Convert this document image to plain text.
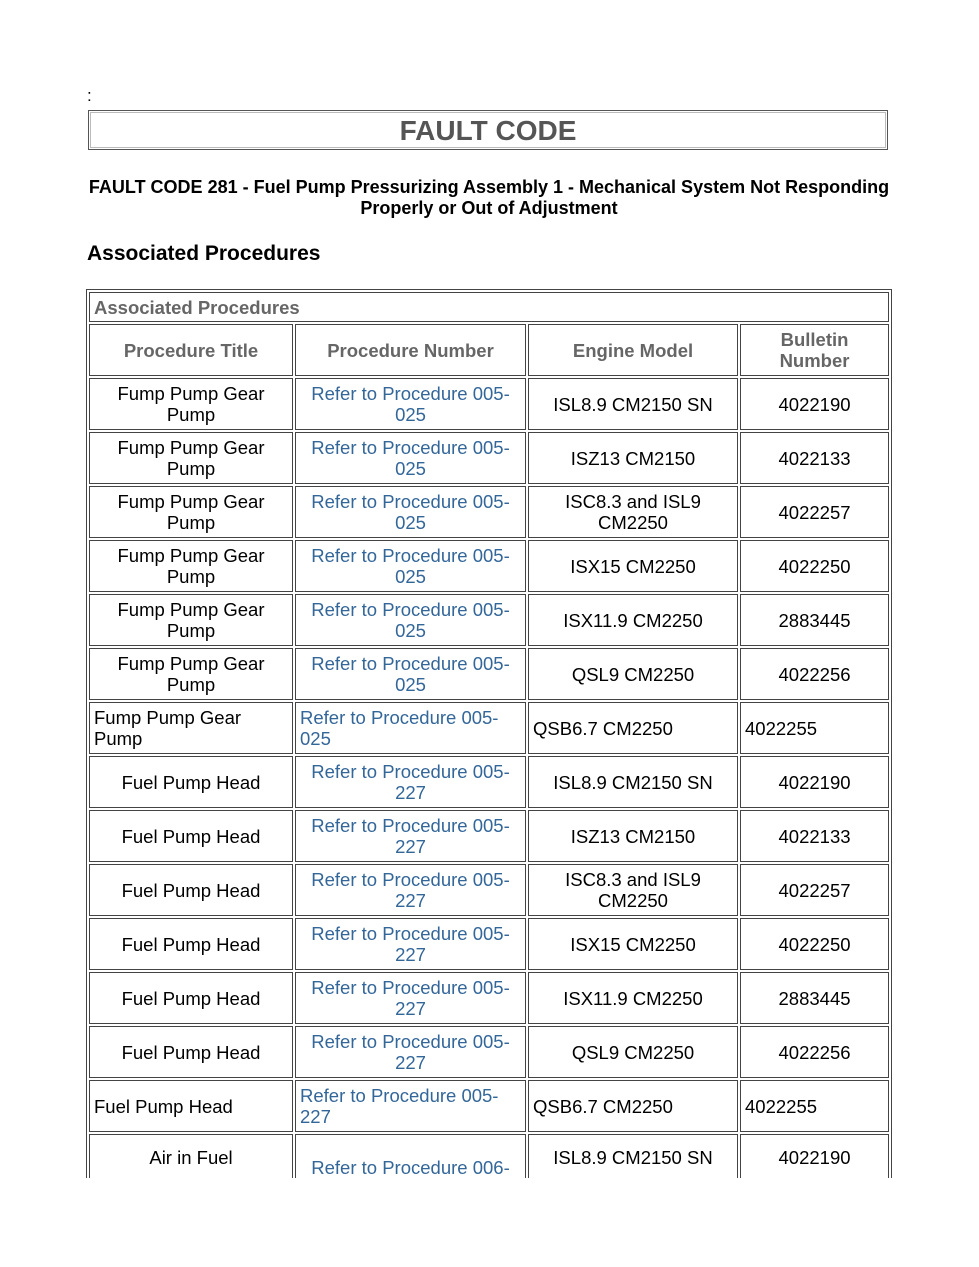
:
FAULT CODE
FAULT CODE 281 - Fuel Pump Pressurizing Assembly 1 - Mechanical System Not Responding Properly or Out of Adjustment
Associated Procedures
Associated Procedures			
Procedure Title	Procedure Number	Engine Model	Bulletin Number
Fump Pump Gear Pump	Refer to Procedure 005-025	ISL8.9 CM2150 SN	4022190
Fump Pump Gear Pump	Refer to Procedure 005-025	ISZ13 CM2150	4022133
Fump Pump Gear Pump	Refer to Procedure 005-025	ISC8.3 and ISL9 CM2250	4022257
Fump Pump Gear Pump	Refer to Procedure 005-025	ISX15 CM2250	4022250
Fump Pump Gear Pump	Refer to Procedure 005-025	ISX11.9 CM2250	2883445
Fump Pump Gear Pump	Refer to Procedure 005-025	QSL9 CM2250	4022256
Fump Pump Gear Pump	Refer to Procedure 005-025	QSB6.7 CM2250	4022255
Fuel Pump Head	Refer to Procedure 005-227	ISL8.9 CM2150 SN	4022190
Fuel Pump Head	Refer to Procedure 005-227	ISZ13 CM2150	4022133
Fuel Pump Head	Refer to Procedure 005-227	ISC8.3 and ISL9 CM2250	4022257
Fuel Pump Head	Refer to Procedure 005-227	ISX15 CM2250	4022250
Fuel Pump Head	Refer to Procedure 005-227	ISX11.9 CM2250	2883445
Fuel Pump Head	Refer to Procedure 005-227	QSL9 CM2250	4022256
Fuel Pump Head	Refer to Procedure 005-227	QSB6.7 CM2250	4022255
Air in Fuel	Refer to Procedure 006-	ISL8.9 CM2150 SN	4022190
